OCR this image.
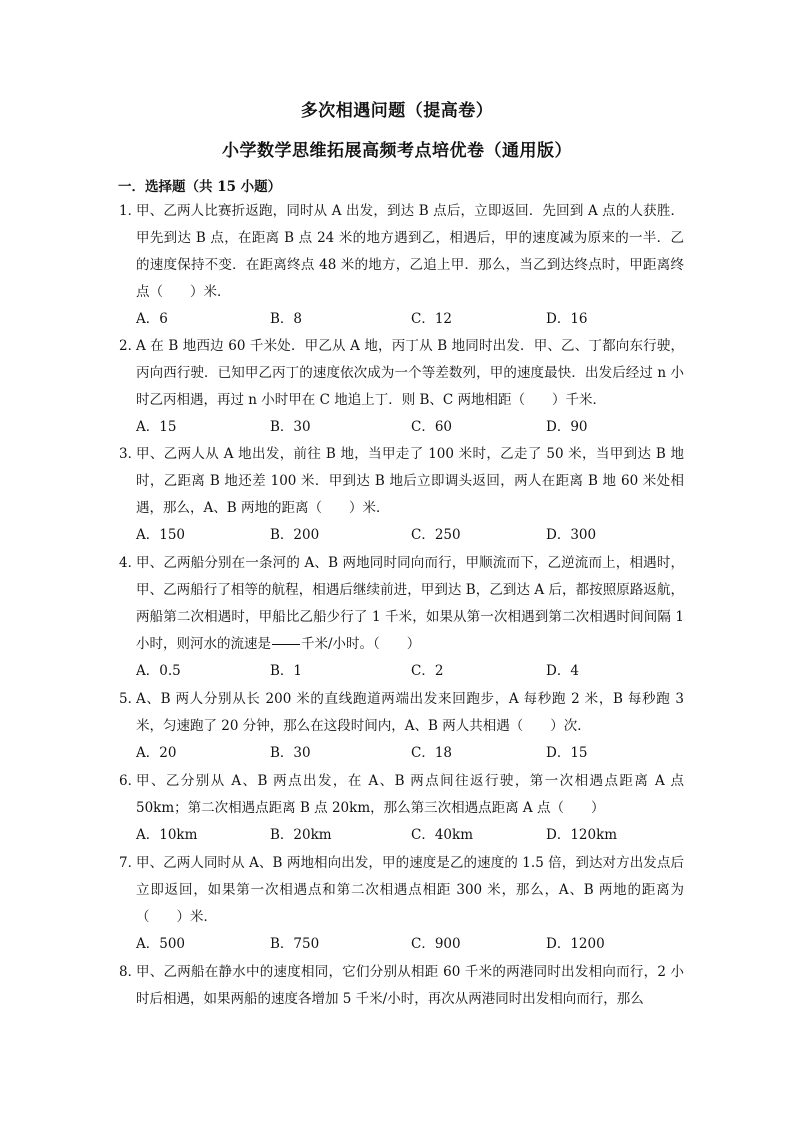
多次相遇问题（提高卷）
小学数学思维拓展高频考点培优卷（通用版）
一．选择题（共 15 小题）
1．
甲、乙两人比赛折返跑，同时从 A 出发，到达 B 点后，立即返回．先回到 A 点的人获胜．甲先到达 B 点，在距离 B 点 24 米的地方遇到乙，相遇后，甲的速度减为原来的一半．乙的速度保持不变．在距离终点 48 米的地方，乙追上甲．那么，当乙到达终点时，甲距离终点（　　）米．
A．6	B．8	C．12	D．16
2．
A 在 B 地西边 60 千米处．甲乙从 A 地，丙丁从 B 地同时出发．甲、乙、丁都向东行驶，丙向西行驶．已知甲乙丙丁的速度依次成为一个等差数列，甲的速度最快．出发后经过 n 小时乙丙相遇，再过 n 小时甲在 C 地追上丁．则 B、C 两地相距（　　）千米．
A．15	B．30	C．60	D．90
3．
甲、乙两人从 A 地出发，前往 B 地，当甲走了 100 米时，乙走了 50 米，当甲到达 B 地时，乙距离 B 地还差 100 米．甲到达 B 地后立即调头返回，两人在距离 B 地 60 米处相遇，那么，A、B 两地的距离（　　）米．
A．150	B．200	C．250	D．300
4．
甲、乙两船分别在一条河的 A、B 两地同时同向而行，甲顺流而下，乙逆流而上，相遇时，甲、乙两船行了相等的航程，相遇后继续前进，甲到达 B，乙到达 A 后，都按照原路返航，两船第二次相遇时，甲船比乙船少行了 1 千米，如果从第一次相遇到第二次相遇时间间隔 1 小时，则河水的流速是 千米/小时。（　　）
A．0.5	B．1	C．2	D．4
5．
A、B 两人分别从长 200 米的直线跑道两端出发来回跑步，A 每秒跑 2 米，B 每秒跑 3 米，匀速跑了 20 分钟，那么在这段时间内，A、B 两人共相遇（　　）次．
A．20	B．30	C．18	D．15
6．
甲、乙分别从 A、B 两点出发，在 A、B 两点间往返行驶，第一次相遇点距离 A 点 50km；第二次相遇点距离 B 点 20km，那么第三次相遇点距离 A 点（　　）
A．10km	B．20km	C．40km	D．120km
7．
甲、乙两人同时从 A、B 两地相向出发，甲的速度是乙的速度的 1.5 倍，到达对方出发点后立即返回，如果第一次相遇点和第二次相遇点相距 300 米，那么，A、B 两地的距离为（　　）米．
A．500	B．750	C．900	D．1200
8．
甲、乙两船在静水中的速度相同，它们分别从相距 60 千米的两港同时出发相向而行，2 小时后相遇，如果两船的速度各增加 5 千米/小时，再次从两港同时出发相向而行，那么
